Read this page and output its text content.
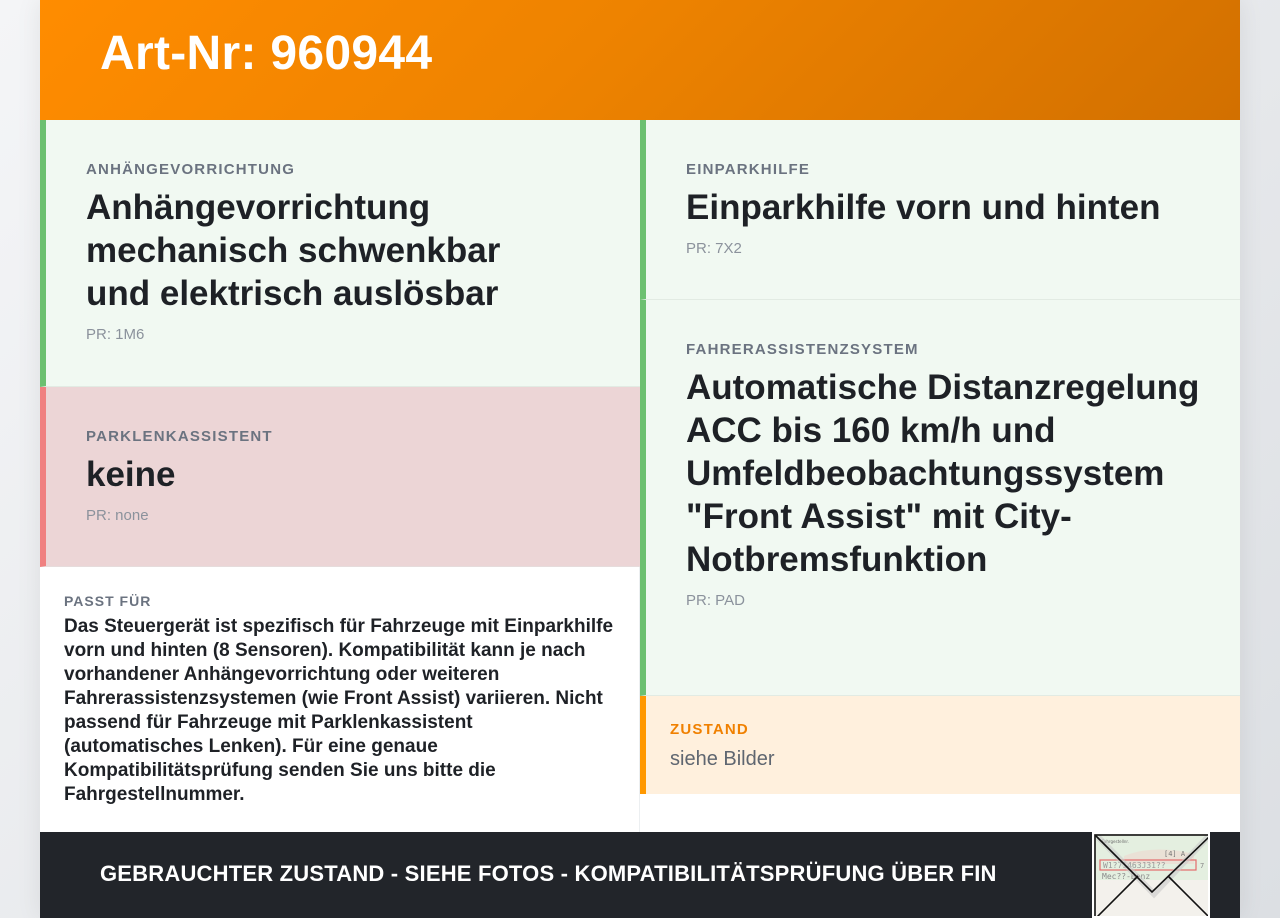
Art-Nr: 960944
ANHÄNGEVORRICHTUNG
Anhängevorrichtung mechanisch schwenkbar und elektrisch auslösbar
PR: 1M6
PARKLENKASSISTENT
keine
PR: none
PASST FÜR
Das Steuergerät ist spezifisch für Fahrzeuge mit Einparkhilfe vorn und hinten (8 Sensoren). Kompatibilität kann je nach vorhandener Anhängevorrichtung oder weiteren Fahrerassistenzsystemen (wie Front Assist) variieren. Nicht passend für Fahrzeuge mit Parklenkassistent (automatisches Lenken). Für eine genaue Kompatibilitätsprüfung senden Sie uns bitte die Fahrgestellnummer.
EINPARKHILFE
Einparkhilfe vorn und hinten
PR: 7X2
FAHRERASSISTENZSYSTEM
Automatische Distanzregelung ACC bis 160 km/h und Umfeldbeobachtungssystem "Front Assist" mit City-Notbremsfunktion
PR: PAD
ZUSTAND
siehe Bilder
GEBRAUCHTER ZUSTAND - SIEHE FOTOS - KOMPATIBILITÄTSPRÜFUNG ÜBER FIN
Fahrgestellnr.
[4] A
W1?71463J31??	7
Mec??-Benz
